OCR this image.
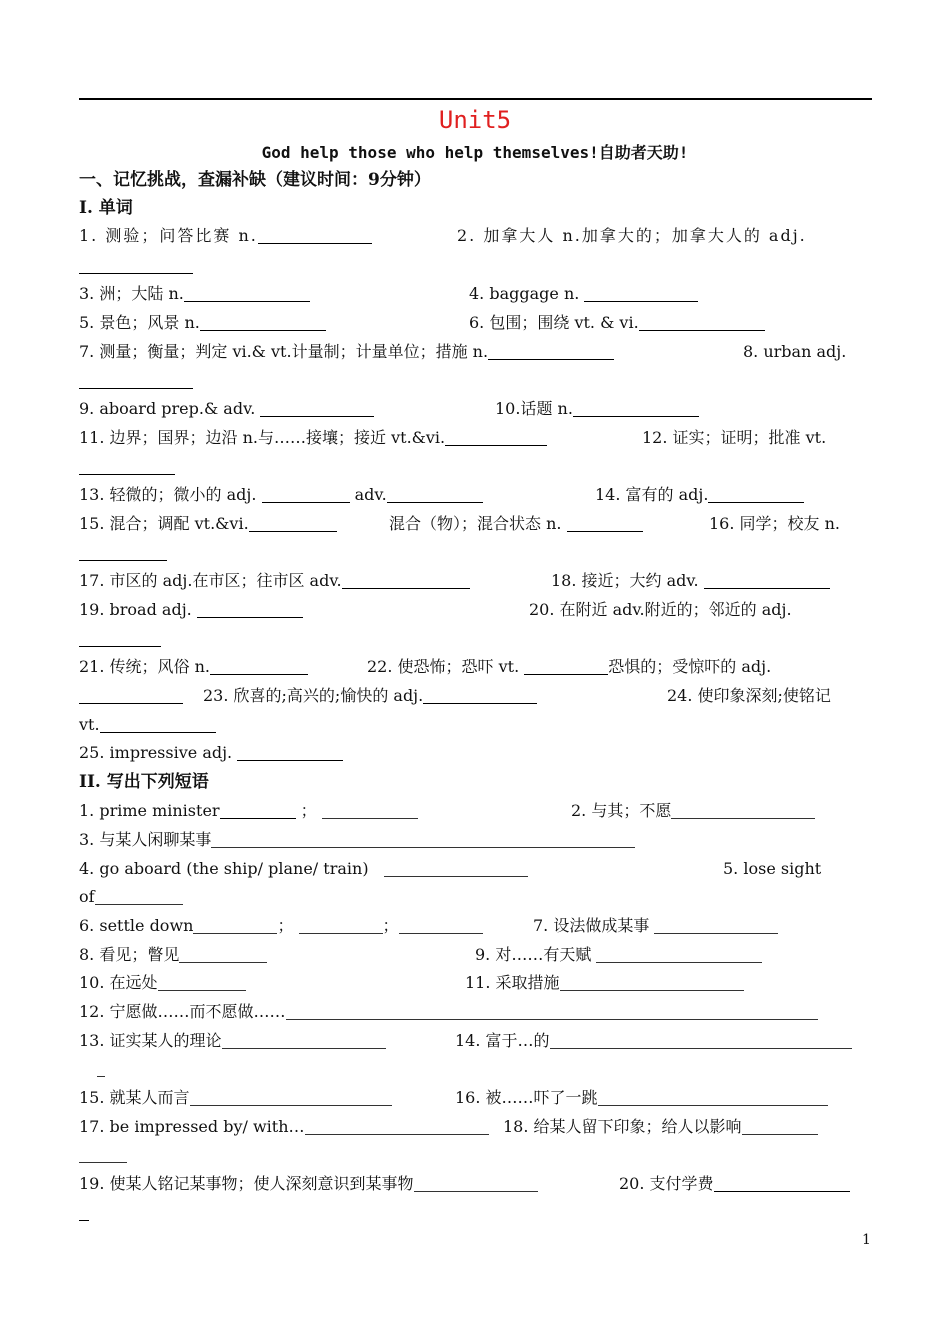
Unit5
God help those who help themselves!自助者天助!
一、记忆挑战，查漏补缺（建议时间：9分钟）
I. 单词
1. 测验；问答比赛 n.	2. 加拿大人 n.加拿大的；加拿大人的 adj.
3. 洲；大陆 n.	4. baggage n.
5. 景色；风景 n.	6. 包围；围绕 vt. & vi.
7. 测量；衡量；判定 vi.& vt.计量制；计量单位；措施 n.	8. urban adj.
9. aboard prep.& adv.	10.话题 n.
11. 边界；国界；边沿 n.与……接壤；接近 vt.&vi.	12. 证实；证明；批准 vt.
13. 轻微的；微小的 adj.	adv.	14. 富有的 adj.
15. 混合；调配 vt.&vi.	混合（物）；混合状态 n.	16. 同学；校友 n.
17. 市区的 adj.在市区；往市区 adv.	18. 接近；大约 adv.
19. broad adj.	20. 在附近 adv.附近的；邻近的 adj.
21. 传统；风俗 n.	22. 使恐怖；恐吓 vt.	恐惧的；受惊吓的 adj.
23. 欣喜的;高兴的;愉快的 adj.	24. 使印象深刻;使铭记
vt.
25. impressive adj.
II. 写出下列短语
1. prime minister	；	2. 与其；不愿
3. 与某人闲聊某事
4. go aboard (the ship/ plane/ train)	5. lose sight
of
6. settle down	；	；	7. 设法做成某事
8. 看见；瞥见	9. 对……有天赋
10. 在远处	11. 采取措施
12. 宁愿做……而不愿做……
13. 证实某人的理论	14. 富于…的
15. 就某人而言	16. 被……吓了一跳
17. be impressed by/ with…	18. 给某人留下印象；给人以影响
19. 使某人铭记某事物；使人深刻意识到某事物	20. 支付学费
1
